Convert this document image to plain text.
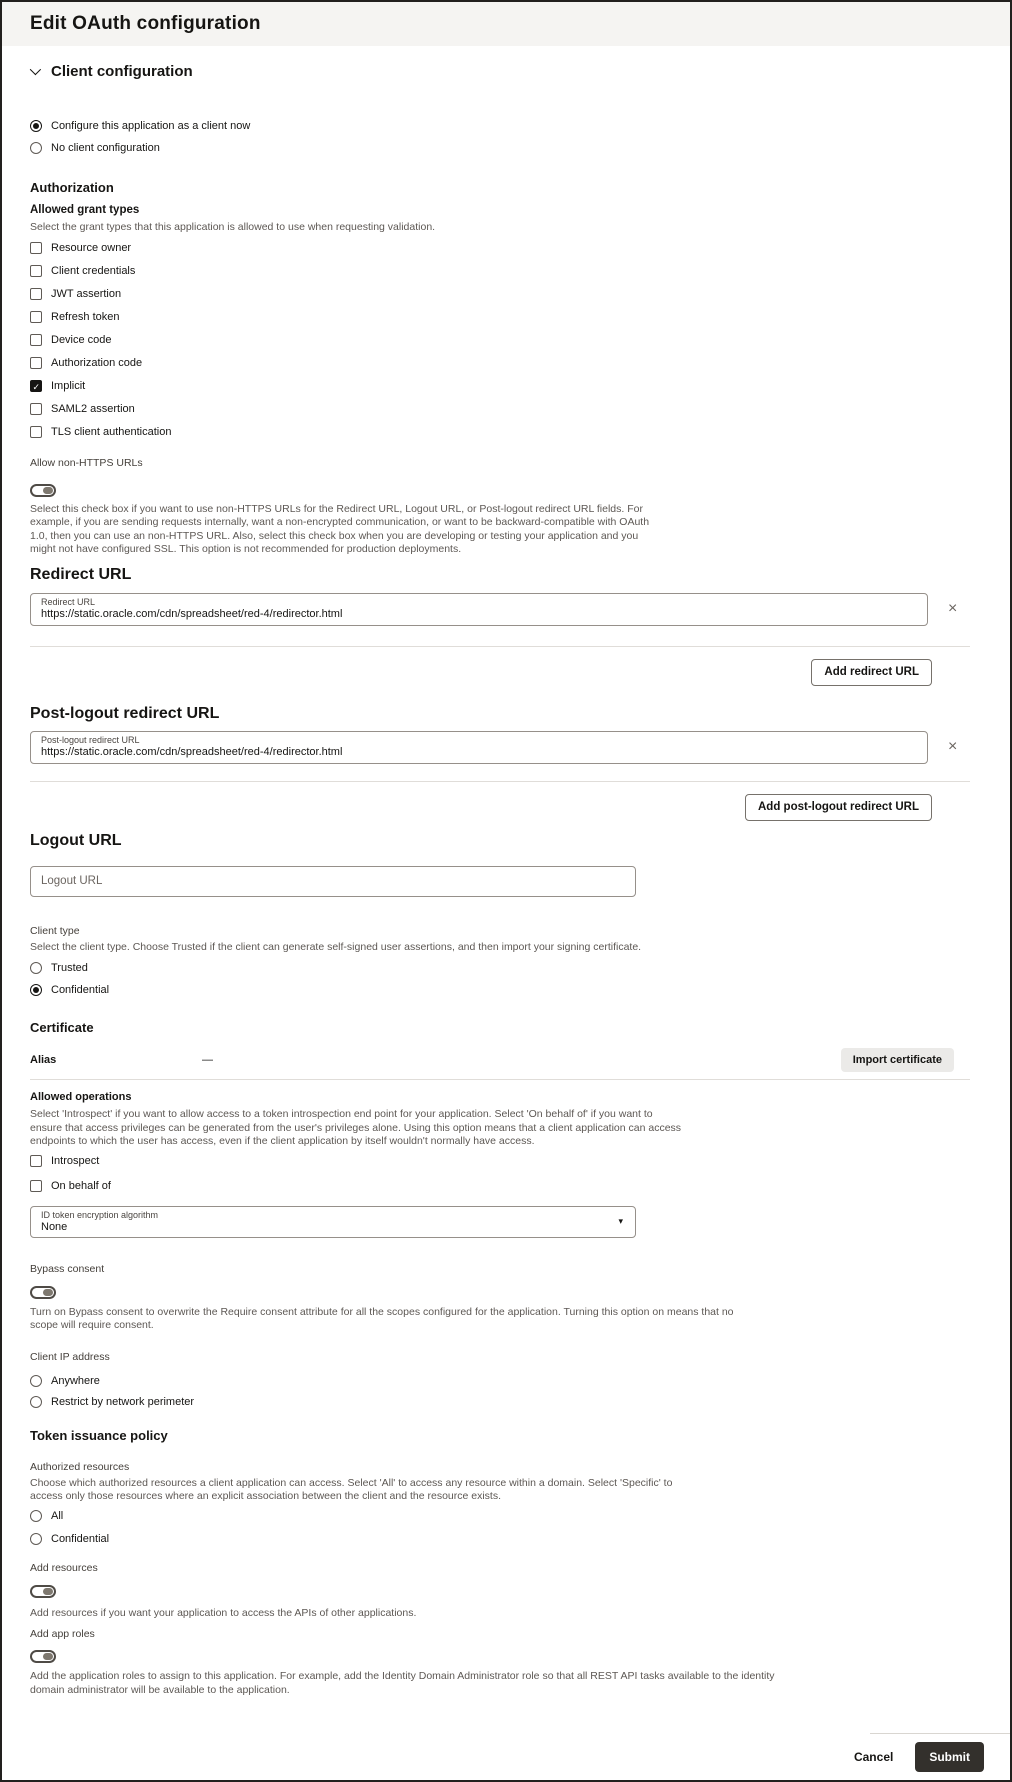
Edit OAuth configuration
Client configuration
Configure this application as a client now
No client configuration
Authorization
Allowed grant types
Select the grant types that this application is allowed to use when requesting validation.
Resource owner
Client credentials
JWT assertion
Refresh token
Device code
Authorization code
✓
Implicit
SAML2 assertion
TLS client authentication
Allow non-HTTPS URLs
Select this check box if you want to use non-HTTPS URLs for the Redirect URL, Logout URL, or Post-logout redirect URL fields. For example, if you are sending requests internally, want a non-encrypted communication, or want to be backward-compatible with OAuth 1.0, then you can use an non-HTTPS URL. Also, select this check box when you are developing or testing your application and you might not have configured SSL. This option is not recommended for production deployments.
Redirect URL
Redirect URL
https://static.oracle.com/cdn/spreadsheet/red-4/redirector.html	×
Add redirect URL
Post-logout redirect URL
Post-logout redirect URL
https://static.oracle.com/cdn/spreadsheet/red-4/redirector.html	×
Add post-logout redirect URL
Logout URL
Logout URL
Client type
Select the client type. Choose Trusted if the client can generate self-signed user assertions, and then import your signing certificate.
Trusted
Confidential
Certificate
Alias	—	Import certificate
Allowed operations
Select 'Introspect' if you want to allow access to a token introspection end point for your application. Select 'On behalf of' if you want to ensure that access privileges can be generated from the user's privileges alone. Using this option means that a client application can access endpoints to which the user has access, even if the client application by itself wouldn't normally have access.
Introspect
On behalf of
ID token encryption algorithm
None	▾
Bypass consent
Turn on Bypass consent to overwrite the Require consent attribute for all the scopes configured for the application. Turning this option on means that no scope will require consent.
Client IP address
Anywhere
Restrict by network perimeter
Token issuance policy
Authorized resources
Choose which authorized resources a client application can access. Select 'All' to access any resource within a domain. Select 'Specific' to access only those resources where an explicit association between the client and the resource exists.
All
Confidential
Add resources
Add resources if you want your application to access the APIs of other applications.
Add app roles
Add the application roles to assign to this application. For example, add the Identity Domain Administrator role so that all REST API tasks available to the identity domain administrator will be available to the application.
Cancel	Submit
